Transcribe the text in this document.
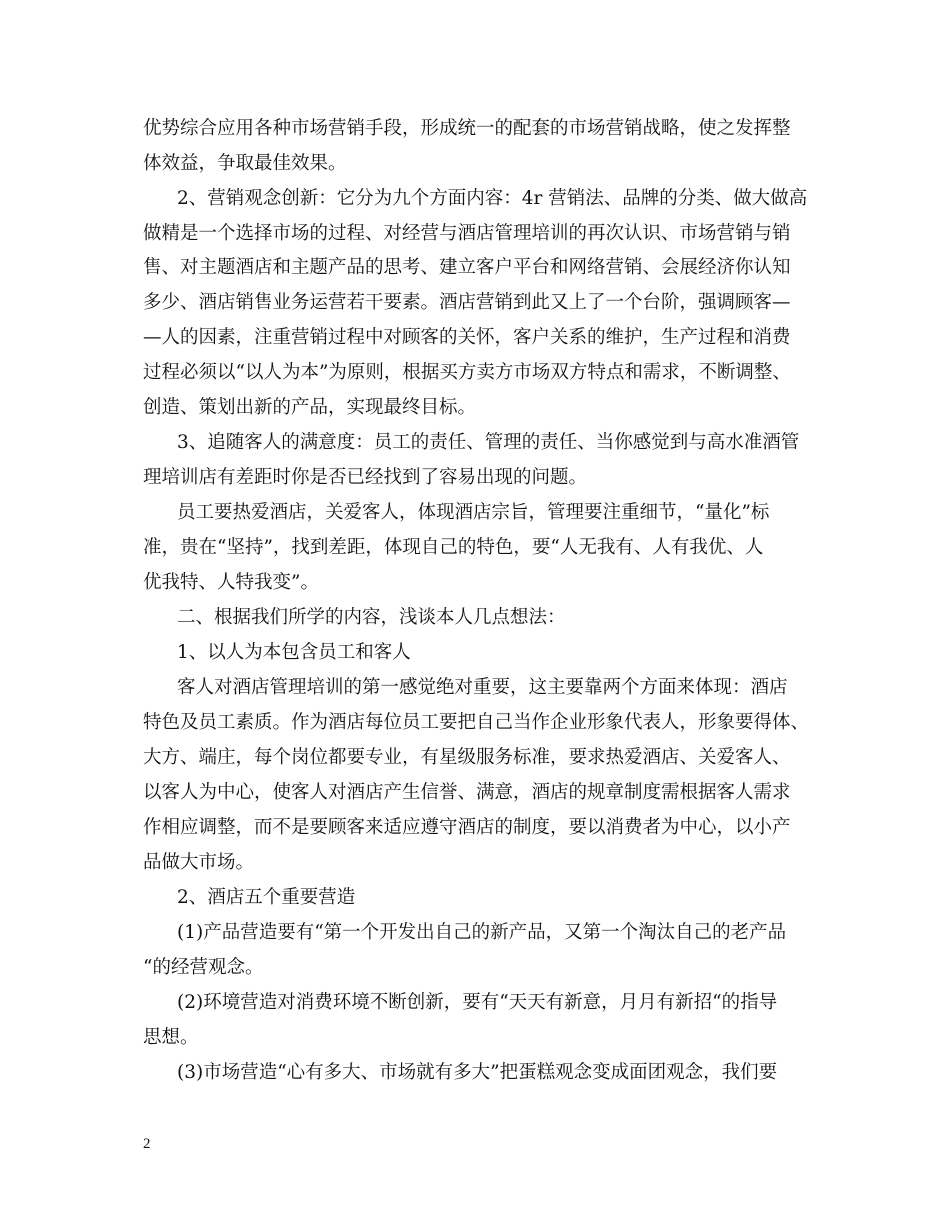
优势综合应用各种市场营销手段，形成统一的配套的市场营销战略，使之发挥整
体效益，争取最佳效果。
2、营销观念创新：它分为九个方面内容：4r 营销法、品牌的分类、做大做高
做精是一个选择市场的过程、对经营与酒店管理培训的再次认识、市场营销与销
售、对主题酒店和主题产品的思考、建立客户平台和网络营销、会展经济你认知
多少、酒店销售业务运营若干要素。酒店营销到此又上了一个台阶，强调顾客—
—人的因素，注重营销过程中对顾客的关怀，客户关系的维护，生产过程和消费
过程必须以“以人为本”为原则，根据买方卖方市场双方特点和需求，不断调整、
创造、策划出新的产品，实现最终目标。
3、追随客人的满意度：员工的责任、管理的责任、当你感觉到与高水准酒管
理培训店有差距时你是否已经找到了容易出现的问题。
员工要热爱酒店，关爱客人，体现酒店宗旨，管理要注重细节，“量化”标
准，贵在“坚持”，找到差距，体现自己的特色，要“人无我有、人有我优、人
优我特、人特我变”。
二、根据我们所学的内容，浅谈本人几点想法：
1、以人为本包含员工和客人
客人对酒店管理培训的第一感觉绝对重要，这主要靠两个方面来体现：酒店
特色及员工素质。作为酒店每位员工要把自己当作企业形象代表人，形象要得体、
大方、端庄，每个岗位都要专业，有星级服务标准，要求热爱酒店、关爱客人、
以客人为中心，使客人对酒店产生信誉、满意，酒店的规章制度需根据客人需求
作相应调整，而不是要顾客来适应遵守酒店的制度，要以消费者为中心，以小产
品做大市场。
2、酒店五个重要营造
(1)产品营造要有“第一个开发出自己的新产品，又第一个淘汰自己的老产品
“的经营观念。
(2)环境营造对消费环境不断创新，要有“天天有新意，月月有新招“的指导
思想。
(3)市场营造“心有多大、市场就有多大”把蛋糕观念变成面团观念，我们要
2
